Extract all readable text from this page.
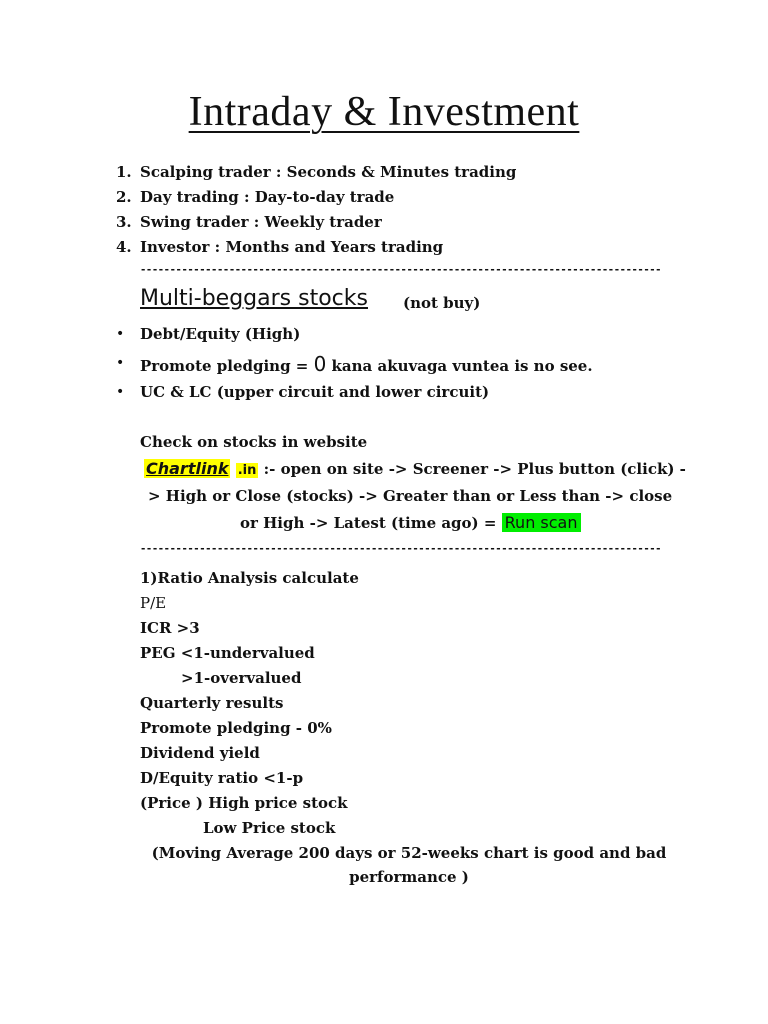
Intraday & Investment
1. Scalping trader : Seconds & Minutes trading
2. Day trading : Day-to-day trade
3. Swing trader : Weekly trader
4. Investor : Months and Years trading
----------------------------------------------------------------------------------------
Multi-beggars stocks (not buy)
• Debt/Equity (High)
• Promote pledging = 0 kana akuvaga vuntea is no see.
• UC & LC (upper circuit and lower circuit)
Check on stocks in website
Chartlink .in :- open on site -> Screener -> Plus button (click) -
> High or Close (stocks) -> Greater than or Less than -> close
or High -> Latest (time ago) = Run scan
----------------------------------------------------------------------------------------
1)Ratio Analysis calculate
P/E
ICR >3
PEG <1-undervalued
>1-overvalued
Quarterly results
Promote pledging - 0%
Dividend yield
D/Equity ratio <1-p
(Price ) High price stock
Low Price stock
(Moving Average 200 days or 52-weeks chart is good and bad
performance )
